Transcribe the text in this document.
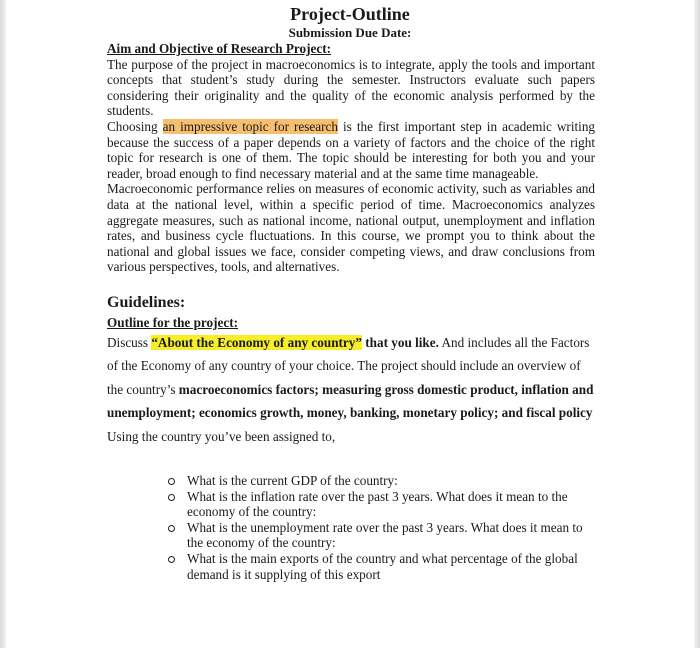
Project-Outline
Submission Due Date:
Aim and Objective of Research Project:

The purpose of the project in macroeconomics is to integrate, apply the tools and important concepts that student’s study during the semester. Instructors evaluate such papers considering their originality and the quality of the economic analysis performed by the students.

Choosing an impressive topic for research is the first important step in academic writing because the success of a paper depends on a variety of factors and the choice of the right topic for research is one of them. The topic should be interesting for both you and your reader, broad enough to find necessary material and at the same time manageable.

Macroeconomic performance relies on measures of economic activity, such as variables and data at the national level, within a specific period of time. Macroeconomics analyzes aggregate measures, such as national income, national output, unemployment and inflation rates, and business cycle fluctuations. In this course, we prompt you to think about the national and global issues we face, consider competing views, and draw conclusions from various perspectives, tools, and alternatives.

Guidelines:
Outline for the project:

Discuss “About the Economy of any country” that you like. And includes all the Factors of the Economy of any country of your choice. The project should include an overview of the country’s macroeconomics factors; measuring gross domestic product, inflation and unemployment; economics growth, money, banking, monetary policy; and fiscal policy

Using the country you’ve been assigned to,

What is the current GDP of the country:
What is the inflation rate over the past 3 years. What does it mean to the economy of the country:
What is the unemployment rate over the past 3 years. What does it mean to the economy of the country:
What is the main exports of the country and what percentage of the global demand is it supplying of this export
